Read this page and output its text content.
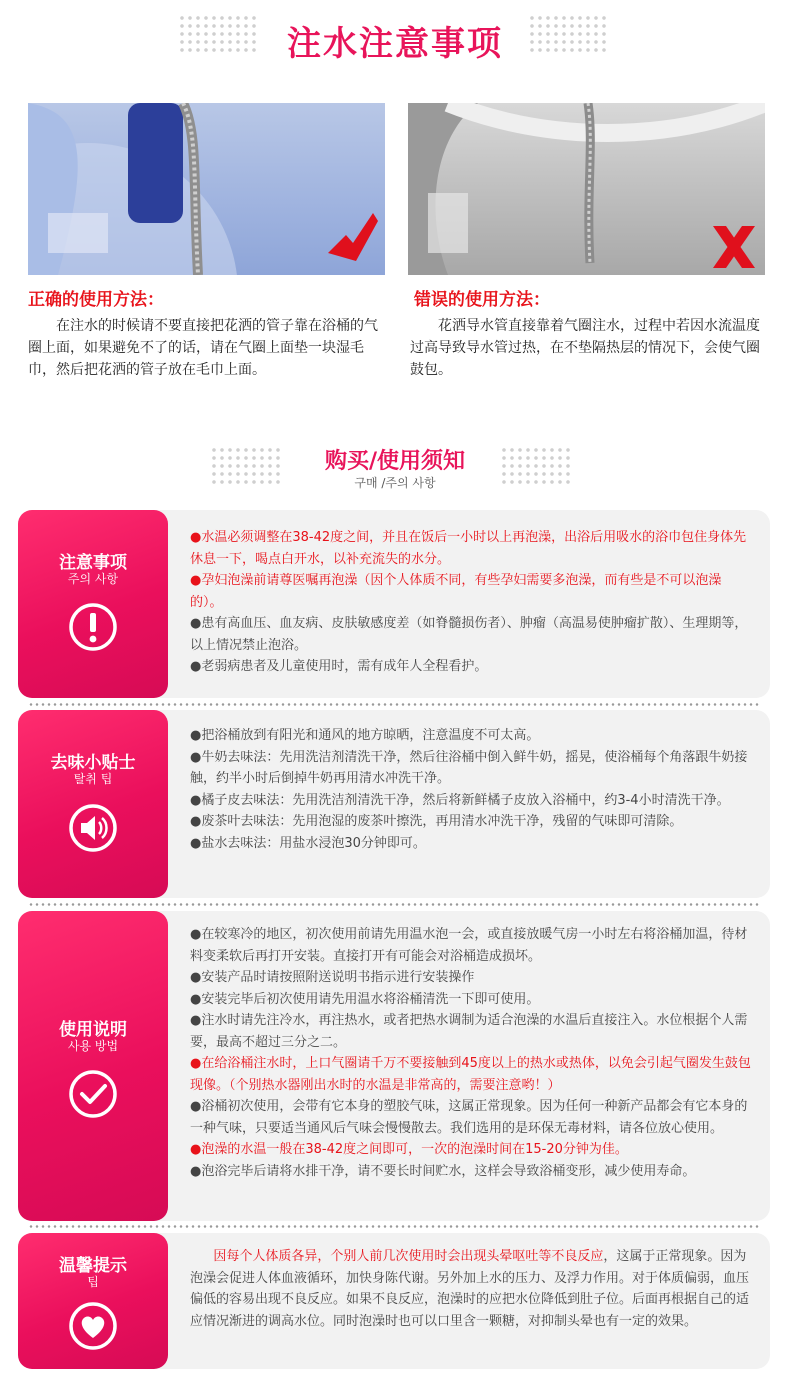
注水注意事项
正确的使用方法：	错误的使用方法：
在注水的时候请不要直接把花洒的管子靠在浴桶的气圈上面，如果避免不了的话，请在气圈上面垫一块湿毛巾，然后把花洒的管子放在毛巾上面。
花洒导水管直接靠着气圈注水，过程中若因水流温度过高导致导水管过热，在不垫隔热层的情况下，会使气圈鼓包。
购买/使用须知
구매 /주의 사항
注意事项
주의 사항

●水温必须调整在38-42度之间，并且在饭后一小时以上再泡澡，出浴后用吸水的浴巾包住身体先休息一下，喝点白开水，以补充流失的水分。

●孕妇泡澡前请尊医嘱再泡澡（因个人体质不同，有些孕妇需要多泡澡，而有些是不可以泡澡的）。

●患有高血压、血友病、皮肤敏感度差（如脊髓损伤者）、肿瘤（高温易使肿瘤扩散）、生理期等，以上情况禁止泡浴。

●老弱病患者及儿童使用时，需有成年人全程看护。

去味小贴士
탈취 팁

●把浴桶放到有阳光和通风的地方晾晒，注意温度不可太高。

●牛奶去味法：先用洗洁剂清洗干净，然后往浴桶中倒入鲜牛奶，摇晃，使浴桶每个角落跟牛奶接触，约半小时后倒掉牛奶再用清水冲洗干净。

●橘子皮去味法：先用洗洁剂清洗干净，然后将新鲜橘子皮放入浴桶中，约3-4小时清洗干净。

●废茶叶去味法：先用泡湿的废茶叶擦洗，再用清水冲洗干净，残留的气味即可清除。

●盐水去味法：用盐水浸泡30分钟即可。

使用说明
사용 방법

●在较寒冷的地区，初次使用前请先用温水泡一会，或直接放暖气房一小时左右将浴桶加温，待材料变柔软后再打开安装。直接打开有可能会对浴桶造成损坏。

●安装产品时请按照附送说明书指示进行安装操作

●安装完毕后初次使用请先用温水将浴桶清洗一下即可使用。

●注水时请先注冷水，再注热水，或者把热水调制为适合泡澡的水温后直接注入。水位根据个人需要，最高不超过三分之二。

●在给浴桶注水时，上口气圈请千万不要接触到45度以上的热水或热体，以免会引起气圈发生鼓包现像。（个别热水器刚出水时的水温是非常高的，需要注意哟！）

●浴桶初次使用，会带有它本身的塑胶气味，这属正常现象。因为任何一种新产品都会有它本身的一种气味，只要适当通风后气味会慢慢散去。我们选用的是环保无毒材料，请各位放心使用。

●泡澡的水温一般在38-42度之间即可，一次的泡澡时间在15-20分钟为佳。

●泡浴完毕后请将水排干净，请不要长时间贮水，这样会导致浴桶变形，减少使用寿命。

温馨提示
팁

因每个人体质各异，个别人前几次使用时会出现头晕呕吐等不良反应，这属于正常现象。因为泡澡会促进人体血液循环，加快身陈代谢。另外加上水的压力、及浮力作用。对于体质偏弱，血压偏低的容易出现不良反应。如果不良反应，泡澡时的应把水位降低到肚子位。后面再根据自己的适应情况渐进的调高水位。同时泡澡时也可以口里含一颗糖，对抑制头晕也有一定的效果。
